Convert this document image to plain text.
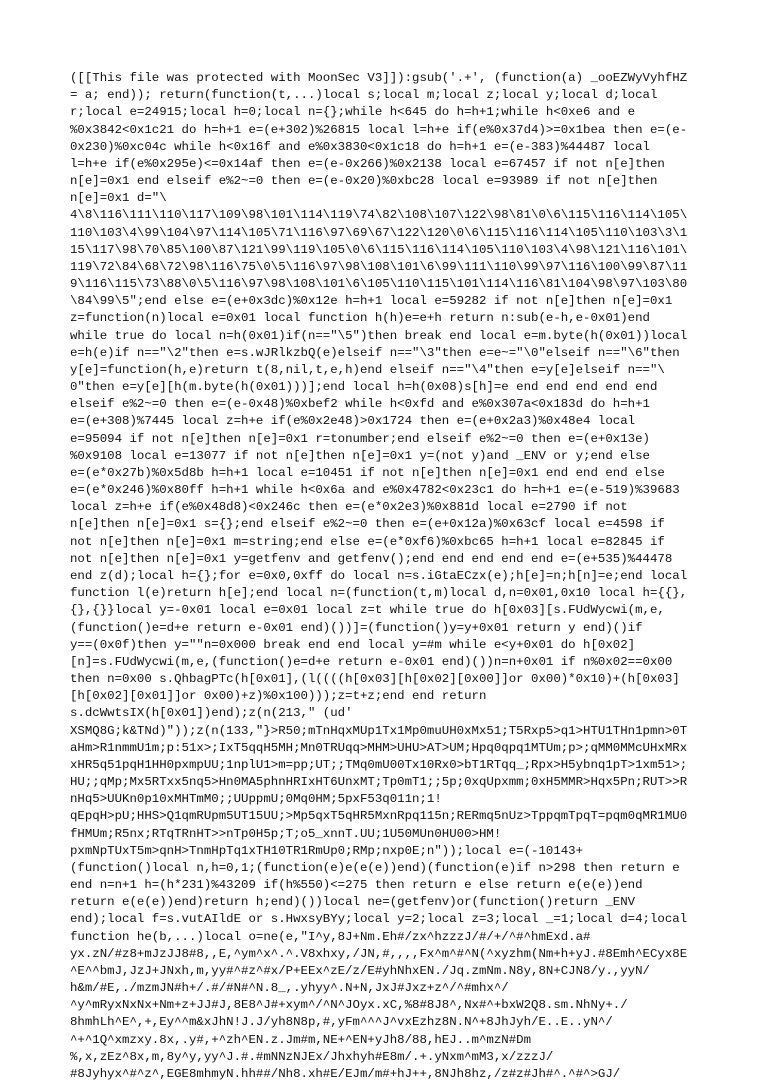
([[This file was protected with MoonSec V3]]):gsub('.+', (function(a) _ooEZWyVyhfHZ
= a; end)); return(function(t,...)local s;local m;local z;local y;local d;local
r;local e=24915;local h=0;local n={};while h<645 do h=h+1;while h<0xe6 and e
%0x3842<0x1c21 do h=h+1 e=(e+302)%26815 local l=h+e if(e%0x37d4)>=0x1bea then e=(e-
0x230)%0xc04c while h<0x16f and e%0x3830<0x1c18 do h=h+1 e=(e-383)%44487 local
l=h+e if(e%0x295e)<=0x14af then e=(e-0x266)%0x2138 local e=67457 if not n[e]then
n[e]=0x1 end elseif e%2~=0 then e=(e-0x20)%0xbc28 local e=93989 if not n[e]then
n[e]=0x1 d="\
4\8\116\111\110\117\109\98\101\114\119\74\82\108\107\122\98\81\0\6\115\116\114\105\
110\103\4\99\104\97\114\105\71\116\97\69\67\122\120\0\6\115\116\114\105\110\103\3\1
15\117\98\70\85\100\87\121\99\119\105\0\6\115\116\114\105\110\103\4\98\121\116\101\
119\72\84\68\72\98\116\75\0\5\116\97\98\108\101\6\99\111\110\99\97\116\100\99\87\11
9\116\115\73\88\0\5\116\97\98\108\101\6\105\110\115\101\114\116\81\104\98\97\103\80
\84\99\5";end else e=(e+0x3dc)%0x12e h=h+1 local e=59282 if not n[e]then n[e]=0x1
z=function(n)local e=0x01 local function h(h)e=e+h return n:sub(e-h,e-0x01)end
while true do local n=h(0x01)if(n=="\5")then break end local e=m.byte(h(0x01))local
e=h(e)if n=="\2"then e=s.wJRlkzbQ(e)elseif n=="\3"then e=e~="\0"elseif n=="\6"then
y[e]=function(h,e)return t(8,nil,t,e,h)end elseif n=="\4"then e=y[e]elseif n=="\
0"then e=y[e][h(m.byte(h(0x01)))];end local h=h(0x08)s[h]=e end end end end end
elseif e%2~=0 then e=(e-0x48)%0xbef2 while h<0xfd and e%0x307a<0x183d do h=h+1
e=(e+308)%7445 local z=h+e if(e%0x2e48)>0x1724 then e=(e+0x2a3)%0x48e4 local
e=95094 if not n[e]then n[e]=0x1 r=tonumber;end elseif e%2~=0 then e=(e+0x13e)
%0x9108 local e=13077 if not n[e]then n[e]=0x1 y=(not y)and _ENV or y;end else
e=(e*0x27b)%0x5d8b h=h+1 local e=10451 if not n[e]then n[e]=0x1 end end end else
e=(e*0x246)%0x80ff h=h+1 while h<0x6a and e%0x4782<0x23c1 do h=h+1 e=(e-519)%39683
local z=h+e if(e%0x48d8)<0x246c then e=(e*0x2e3)%0x881d local e=2790 if not
n[e]then n[e]=0x1 s={};end elseif e%2~=0 then e=(e+0x12a)%0x63cf local e=4598 if
not n[e]then n[e]=0x1 m=string;end else e=(e*0xf6)%0xbc65 h=h+1 local e=82845 if
not n[e]then n[e]=0x1 y=getfenv and getfenv();end end end end end e=(e+535)%44478
end z(d);local h={};for e=0x0,0xff do local n=s.iGtaECzx(e);h[e]=n;h[n]=e;end local
function l(e)return h[e];end local n=(function(t,m)local d,n=0x01,0x10 local h={{},
{},{}}local y=-0x01 local e=0x01 local z=t while true do h[0x03][s.FUdWycwi(m,e,
(function()e=d+e return e-0x01 end)())]=(function()y=y+0x01 return y end)()if
y==(0x0f)then y=""n=0x000 break end end local y=#m while e<y+0x01 do h[0x02]
[n]=s.FUdWycwi(m,e,(function()e=d+e return e-0x01 end)())n=n+0x01 if n%0x02==0x00
then n=0x00 s.QhbagPTc(h[0x01],(l((((h[0x03][h[0x02][0x00]]or 0x00)*0x10)+(h[0x03]
[h[0x02][0x01]]or 0x00)+z)%0x100)));z=t+z;end end return
s.dcWwtsIX(h[0x01])end);z(n(213," (ud'
XSMQ8G;k&TNd)"));z(n(133,"}>R50;mTnHqxMUp1Tx1Mp0muUH0xMx51;T5Rxp5>q1>HTU1THn1pmn>0T
aHm>R1nmmU1m;p:51x>;IxT5qqH5MH;Mn0TRUqq>MHM>UHU>AT>UM;Hpq0qpq1MTUm;p>;qMM0MMcUHxMRx
xHR5q51pqH1HH0pxmpUU;1nplU1>m=pp;UT;;TMq0mU00Tx10Rx0>bT1RTqq_;Rpx>H5ybnq1pT>1xm51>;
HU;;qMp;Mx5RTxx5nq5>Hn0MA5phnHRIxHT6UnxMT;Tp0mT1;;5p;0xqUpxmm;0xH5MMR>Hqx5Pn;RUT>>R
nHq5>UUKn0p10xMHTmM0;;UUppmU;0Mq0HM;5pxF53q011n;1!
qEpqH>pU;HHS>Q1qmRUpm5UT15UU;>Mp5qxT5qHR5MxnRpq115n;RERmq5nUz>TppqmTpqT=pqm0qMR1MU0
fHMUm;R5nx;RTqTRnHT>>nTp0H5p;T;o5_xnnT.UU;1U50MUn0HU00>HM!
pxmNpTUxT5m>qnH>TnmHpTq1xTH10TR1RmUp0;RMp;nxp0E;n"));local e=(-10143+
(function()local n,h=0,1;(function(e)e(e(e))end)(function(e)if n>298 then return e
end n=n+1 h=(h*231)%43209 if(h%550)<=275 then return e else return e(e(e))end
return e(e(e))end)return h;end)())local ne=(getfenv)or(function()return _ENV
end);local f=s.vutAIldE or s.HwxsyBYy;local y=2;local z=3;local _=1;local d=4;local
function he(b,...)local o=ne(e,"I^y,8J+Nm.Eh#/zx^hzzzJ/#/+/^#^hmExd.a#
yx.zN/#z8+mJzJJ8#8,,E,^ym^x^.^.V8xhxy,/JN,#,,,,Fx^m^#^N(^xyzhm(Nm+h+yJ.#8Emh^ECyx8E
^E^^bmJ,JzJ+JNxh,m,yy#^#z^#x/P+EEx^zE/z/E#yhNhxEN./Jq.zmNm.N8y,8N+CJN8/y.,yyN/
h&m/#E,./mzmJN#h+/.#/#N#^N.8_,.yhyy^.N+N,JxJ#Jxz+z^/^#mhx^/
^y^mRyxNxNx+Nm+z+JJ#J,8E8^J#+xym^/^N^JOyx.xC,%8#8J8^,Nx#^+bxW2Q8.sm.NhNy+./
8hmhLh^E^,+,Ey^^m&xJhN!J.J/yh8N8p,#,yFm^^^J^vxEzhz8N.N^+8JhJyh/E..E..yN^/
^+^1Q^xmzxy.8x,.y#,+^zh^EN.z.Jm#m,NE+^EN+yJh8/88,hEJ..m^mzN#Dm
%,x,zEz^8x,m,8y^y,yy^J.#.#mNNzNJEx/Jhxhyh#E8m/.+.yNxm^mM3,x/zzzJ/
#8Jyhyx^#^z^,EGE8mhmyN.hh##/Nh8.xh#E/EJm/m#+hJ++,8NJh8hz,/z#z#Jh#^.^#^>GJ/
